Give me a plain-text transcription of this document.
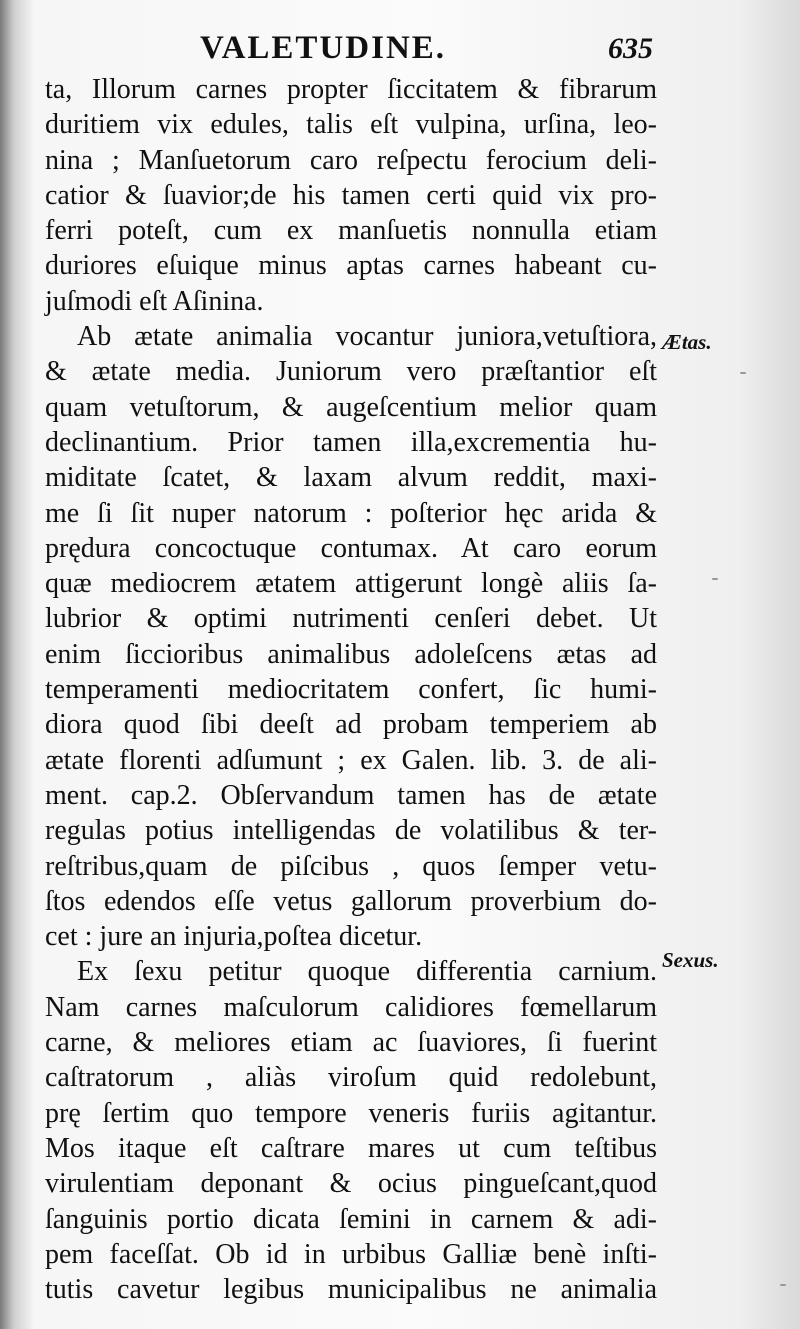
VALETUDINE.	635
ta, Illorum carnes propter ſiccitatem & fibrarum
duritiem vix edules, talis eſt vulpina, urſina, leo-
nina ; Manſuetorum caro reſpectu ferocium deli-
catior & ſuavior;de his tamen certi quid vix pro-
ferri poteſt, cum ex manſuetis nonnulla etiam
duriores eſuique minus aptas carnes habeant cu-
juſmodi eſt Aſinina.
Ab ætate animalia vocantur juniora,vetuſtiora,
& ætate media. Juniorum vero præſtantior eſt
quam vetuſtorum, & augeſcentium melior quam
declinantium. Prior tamen illa,excrementia hu-
miditate ſcatet, & laxam alvum reddit, maxi-
me ſi ſit nuper natorum : poſterior hęc arida &
prędura concoctuque contumax. At caro eorum
quæ mediocrem ætatem attigerunt longè aliis ſa-
lubrior & optimi nutrimenti cenſeri debet. Ut
enim ſiccioribus animalibus adoleſcens ætas ad
temperamenti mediocritatem confert, ſic humi-
diora quod ſibi deeſt ad probam temperiem ab
ætate florenti adſumunt ; ex Galen. lib. 3. de ali-
ment. cap.2. Obſervandum tamen has de ætate
regulas potius intelligendas de volatilibus & ter-
reſtribus,quam de piſcibus , quos ſemper vetu-
ſtos edendos eſſe vetus gallorum proverbium do-
cet : jure an injuria,poſtea dicetur.
Ex ſexu petitur quoque differentia carnium.
Nam carnes maſculorum calidiores fœmellarum
carne, & meliores etiam ac ſuaviores, ſi fuerint
caſtratorum , aliàs viroſum quid redolebunt,
prę ſertim quo tempore veneris furiis agitantur.
Mos itaque eſt caſtrare mares ut cum teſtibus
virulentiam deponant & ocius pingueſcant,quod
ſanguinis portio dicata ſemini in carnem & adi-
pem faceſſat. Ob id in urbibus Galliæ benè inſti-
tutis cavetur legibus municipalibus ne animalia
Ætas.
Sexus.
